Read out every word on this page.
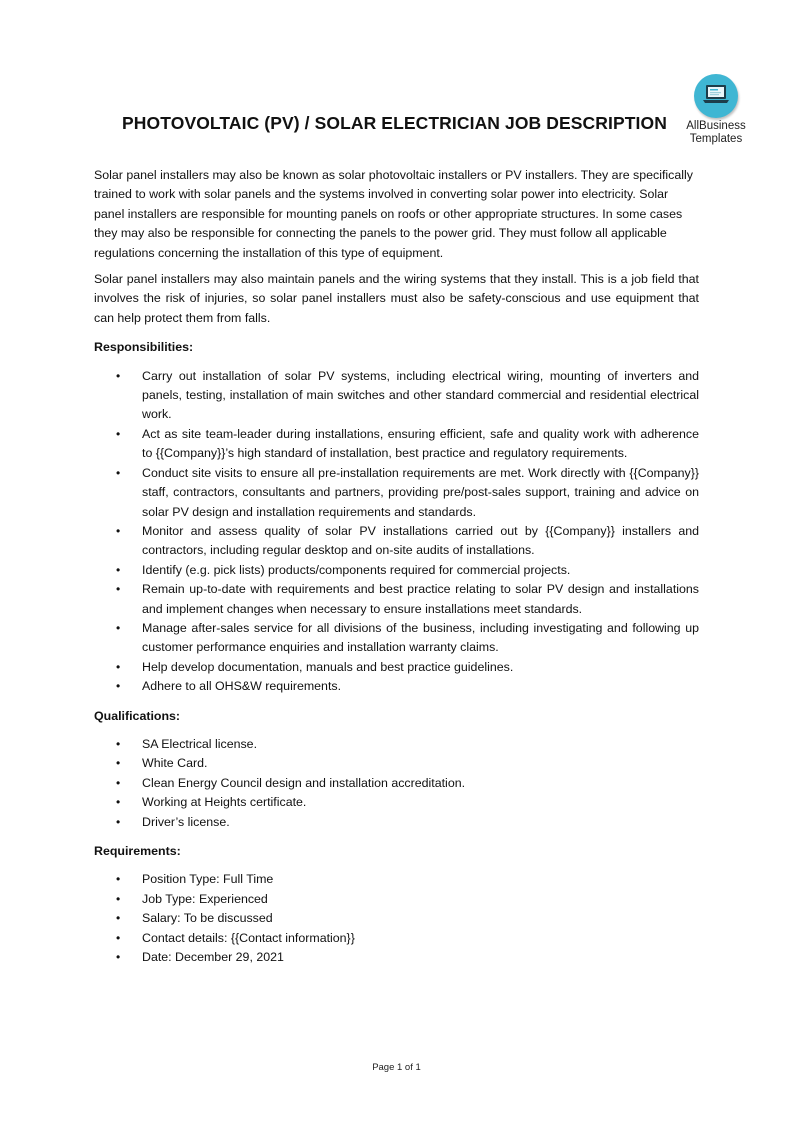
AllBusiness
Templates
PHOTOVOLTAIC (PV) / SOLAR ELECTRICIAN JOB DESCRIPTION

Solar panel installers may also be known as solar photovoltaic installers or PV installers. They are specifically trained to work with solar panels and the systems involved in converting solar power into electricity. Solar panel installers are responsible for mounting panels on roofs or other appropriate structures. In some cases they may also be responsible for connecting the panels to the power grid. They must follow all applicable regulations concerning the installation of this type of equipment.

Solar panel installers may also maintain panels and the wiring systems that they install. This is a job field that involves the risk of injuries, so solar panel installers must also be safety-conscious and use equipment that can help protect them from falls.

Responsibilities:
• Carry out installation of solar PV systems, including electrical wiring, mounting of inverters and panels, testing, installation of main switches and other standard commercial and residential electrical work.
• Act as site team-leader during installations, ensuring efficient, safe and quality work with adherence to {{Company}}’s high standard of installation, best practice and regulatory requirements.
• Conduct site visits to ensure all pre-installation requirements are met. Work directly with {{Company}} staff, contractors, consultants and partners, providing pre/post-sales support, training and advice on solar PV design and installation requirements and standards.
• Monitor and assess quality of solar PV installations carried out by {{Company}} installers and contractors, including regular desktop and on-site audits of installations.
• Identify (e.g. pick lists) products/components required for commercial projects.
• Remain up-to-date with requirements and best practice relating to solar PV design and installations and implement changes when necessary to ensure installations meet standards.
• Manage after-sales service for all divisions of the business, including investigating and following up customer performance enquiries and installation warranty claims.
• Help develop documentation, manuals and best practice guidelines.
• Adhere to all OHS&W requirements.
Qualifications:
• SA Electrical license.
• White Card.
• Clean Energy Council design and installation accreditation.
• Working at Heights certificate.
• Driver’s license.
Requirements:
• Position Type: Full Time
• Job Type: Experienced
• Salary: To be discussed
• Contact details: {{Contact information}}
• Date: December 29, 2021
Page 1 of 1
